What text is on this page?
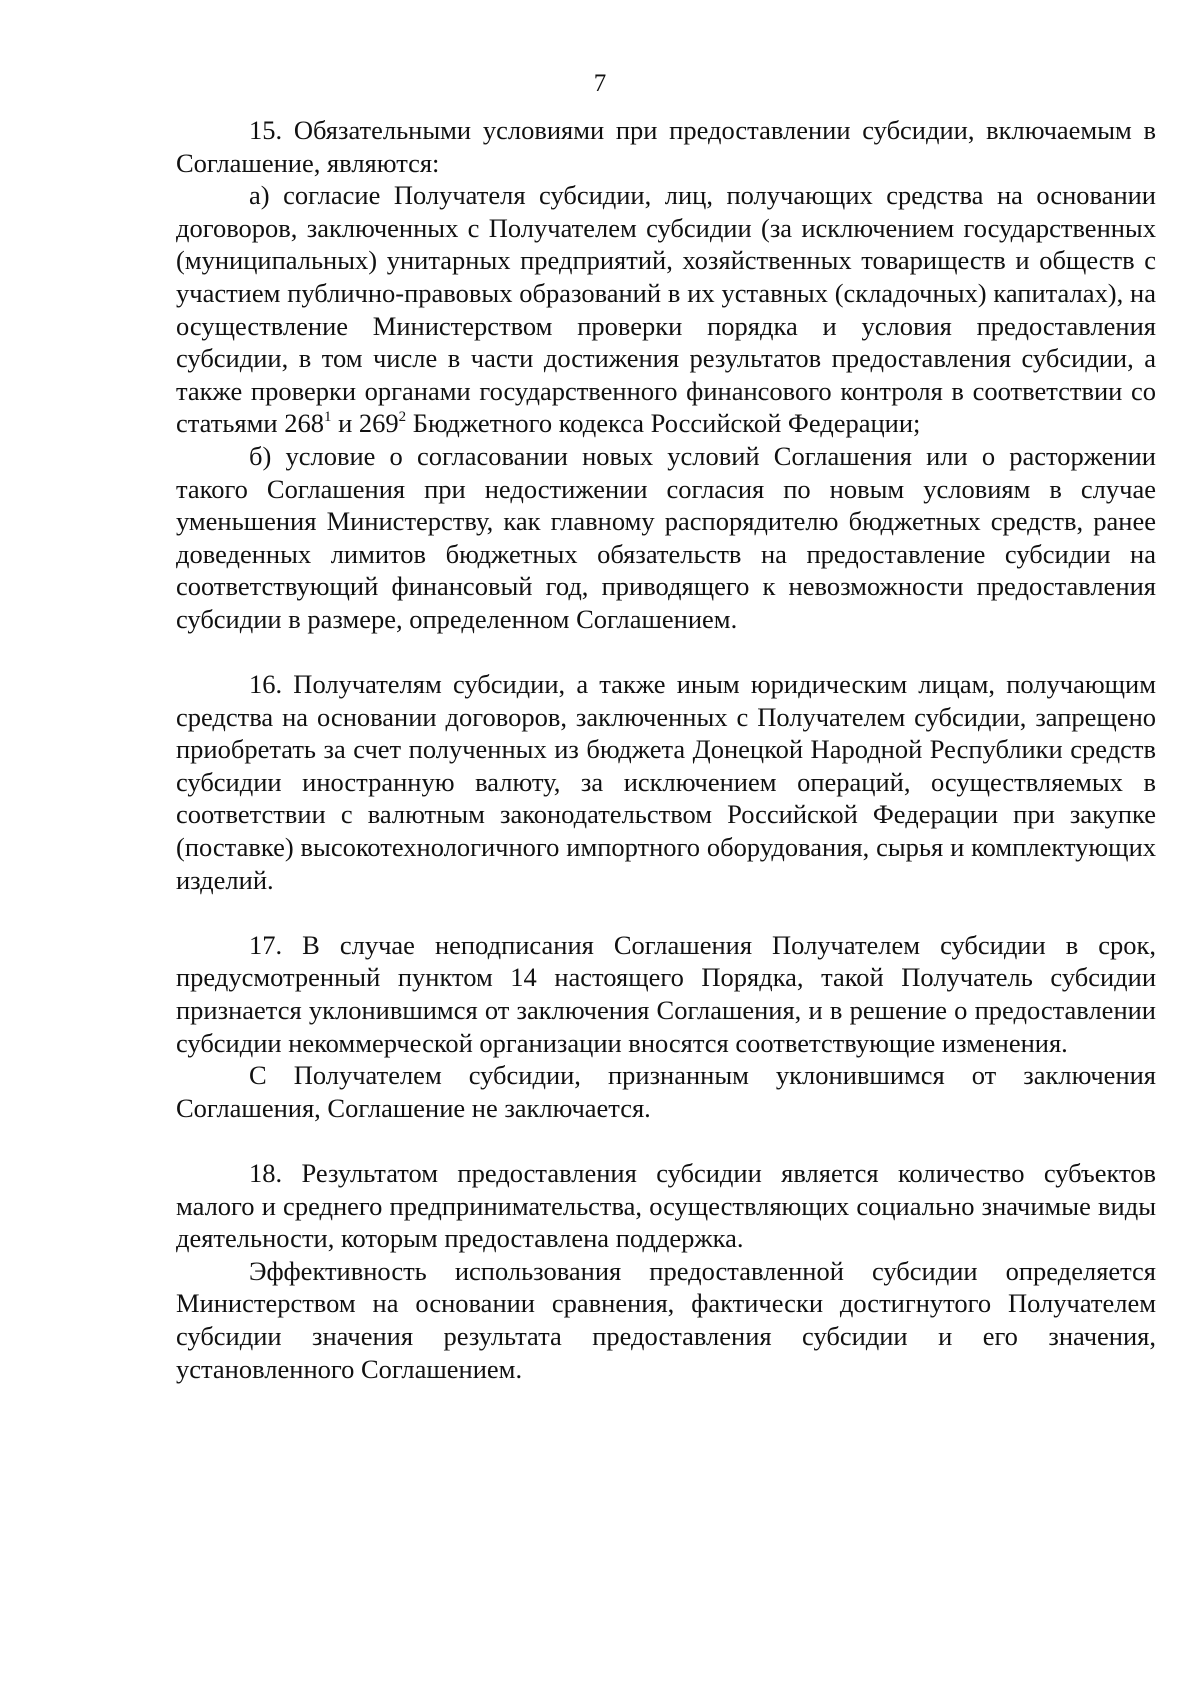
7

15. Обязательными условиями при предоставлении субсидии, включаемым в Соглашение, являются:

а) согласие Получателя субсидии, лиц, получающих средства на основании договоров, заключенных с Получателем субсидии (за исключением государственных (муниципальных) унитарных предприятий, хозяйственных товариществ и обществ с участием публично-правовых образований в их уставных (складочных) капиталах), на осуществление Министерством проверки порядка и условия предоставления субсидии, в том числе в части достижения результатов предоставления субсидии, а также проверки органами государственного финансового контроля в соответствии со статьями $268^1$ и $269^2$ Бюджетного кодекса Российской Федерации;

б) условие о согласовании новых условий Соглашения или о расторжении такого Соглашения при недостижении согласия по новым условиям в случае уменьшения Министерству, как главному распорядителю бюджетных средств, ранее доведенных лимитов бюджетных обязательств на предоставление субсидии на соответствующий финансовый год, приводящего к невозможности предоставления субсидии в размере, определенном Соглашением.

16. Получателям субсидии, а также иным юридическим лицам, получающим средства на основании договоров, заключенных с Получателем субсидии, запрещено приобретать за счет полученных из бюджета Донецкой Народной Республики средств субсидии иностранную валюту, за исключением операций, осуществляемых в соответствии с валютным законодательством Российской Федерации при закупке (поставке) высокотехнологичного импортного оборудования, сырья и комплектующих изделий.

17. В случае неподписания Соглашения Получателем субсидии в срок, предусмотренный пунктом 14 настоящего Порядка, такой Получатель субсидии признается уклонившимся от заключения Соглашения, и в решение о предоставлении субсидии некоммерческой организации вносятся соответствующие изменения.

С Получателем субсидии, признанным уклонившимся от заключения Соглашения, Соглашение не заключается.

18. Результатом предоставления субсидии является количество субъектов малого и среднего предпринимательства, осуществляющих социально значимые виды деятельности, которым предоставлена поддержка.

Эффективность использования предоставленной субсидии определяется Министерством на основании сравнения, фактически достигнутого Получателем субсидии значения результата предоставления субсидии и его значения, установленного Соглашением.
